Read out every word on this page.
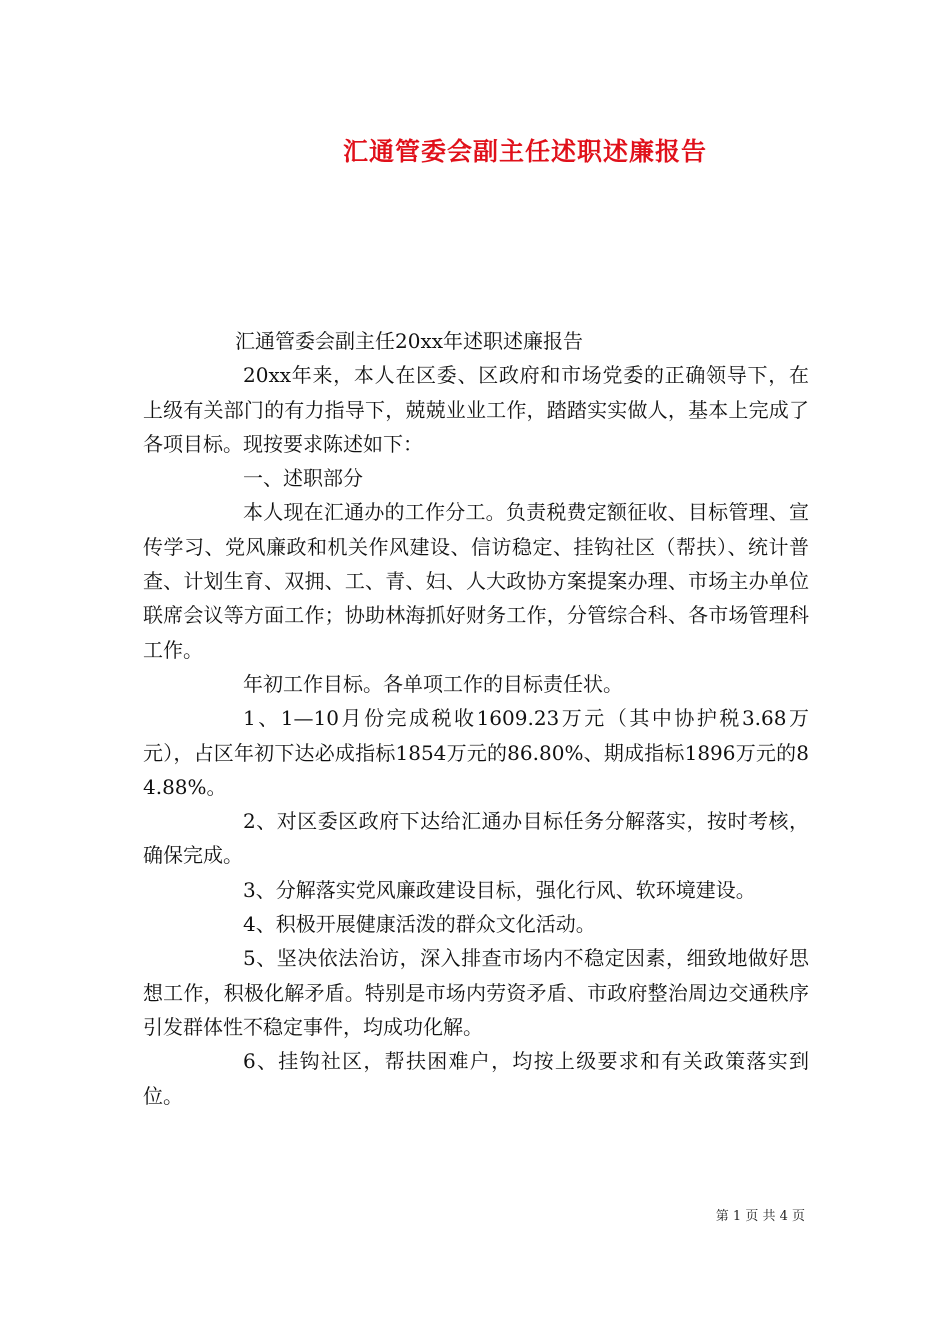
汇通管委会副主任述职述廉报告

汇通管委会副主任20xx年述职述廉报告

20xx年来，本人在区委、区政府和市场党委的正确领导下，在上级有关部门的有力指导下，兢兢业业工作，踏踏实实做人，基本上完成了各项目标。现按要求陈述如下：

一、述职部分

本人现在汇通办的工作分工。负责税费定额征收、目标管理、宣传学习、党风廉政和机关作风建设、信访稳定、挂钩社区（帮扶）、统计普查、计划生育、双拥、工、青、妇、人大政协方案提案办理、市场主办单位联席会议等方面工作；协助林海抓好财务工作，分管综合科、各市场管理科工作。

年初工作目标。各单项工作的目标责任状。

1、1—10月份完成税收1609.23万元（其中协护税3.68万元），占区年初下达必成指标1854万元的86.80%、期成指标1896万元的84.88%。

2、对区委区政府下达给汇通办目标任务分解落实，按时考核，确保完成。

3、分解落实党风廉政建设目标，强化行风、软环境建设。

4、积极开展健康活泼的群众文化活动。

5、坚决依法治访，深入排查市场内不稳定因素，细致地做好思想工作，积极化解矛盾。特别是市场内劳资矛盾、市政府整治周边交通秩序引发群体性不稳定事件，均成功化解。

6、挂钩社区，帮扶困难户，均按上级要求和有关政策落实到位。

第 1 页 共 4 页
